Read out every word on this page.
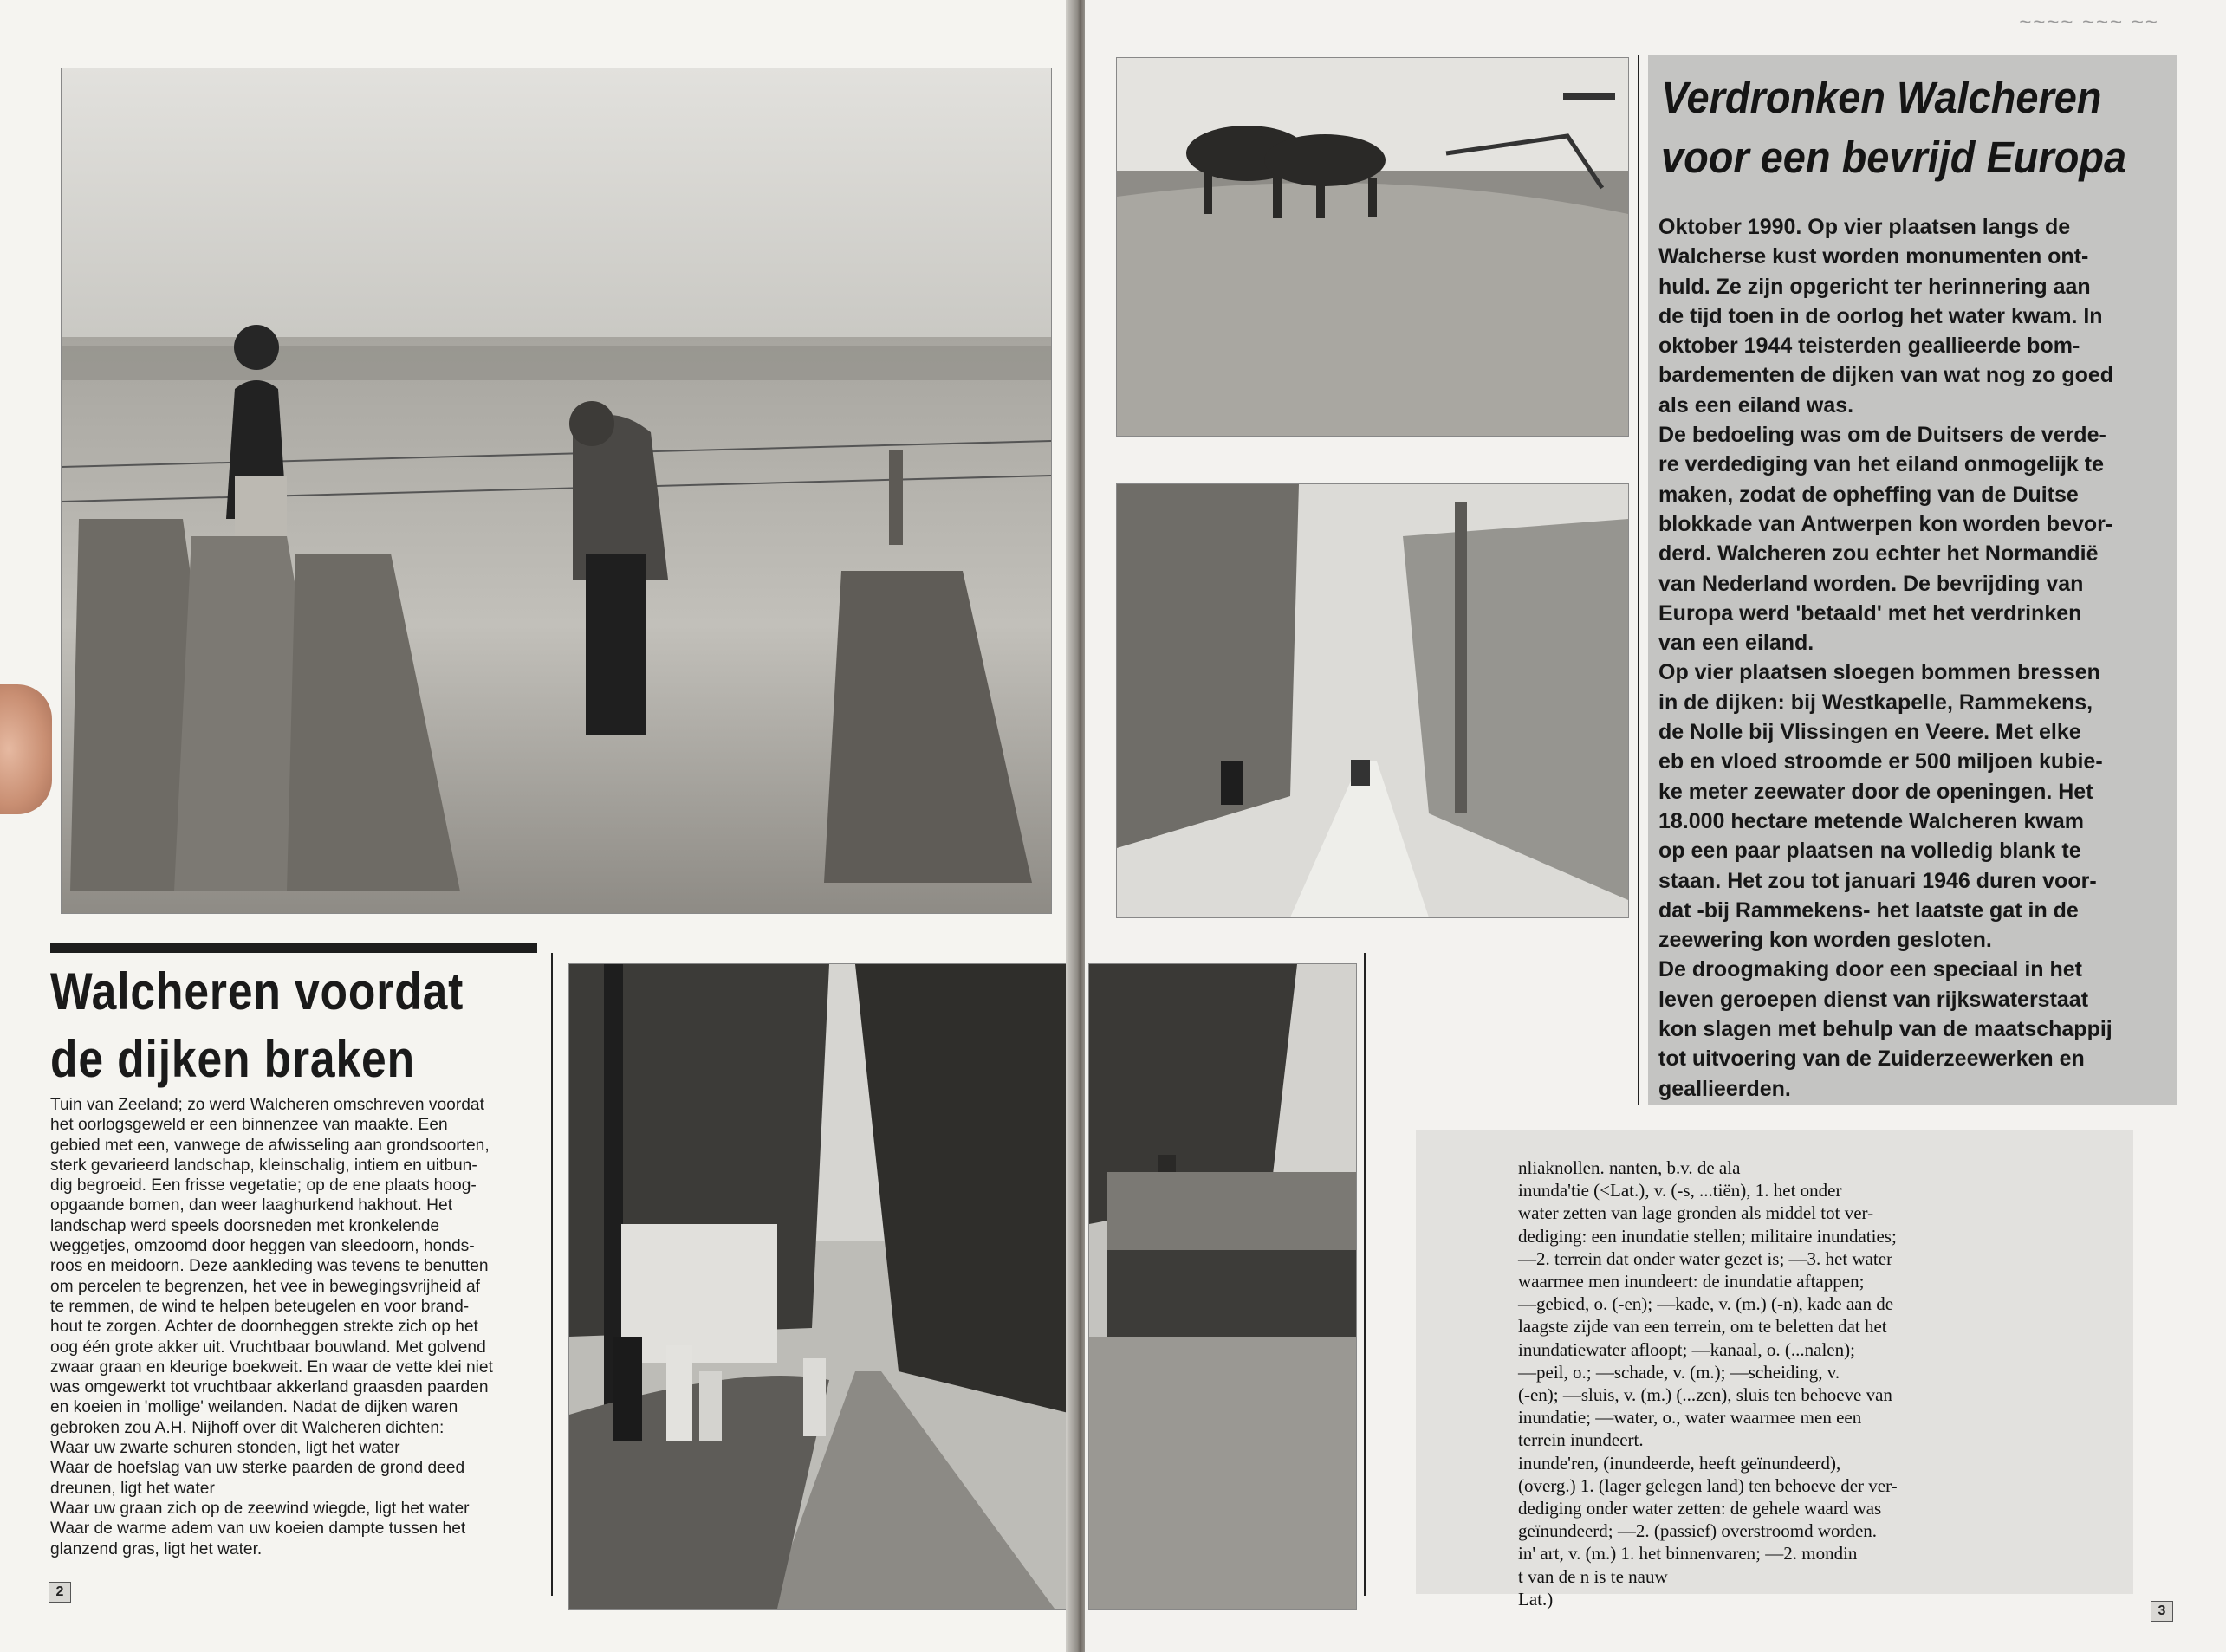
Walcheren voordat
de dijken braken

Tuin van Zeeland; zo werd Walcheren omschreven voordat
het oorlogsgeweld er een binnenzee van maakte. Een
gebied met een, vanwege de afwisseling aan grondsoorten,
sterk gevarieerd landschap, kleinschalig, intiem en uitbun-
dig begroeid. Een frisse vegetatie; op de ene plaats hoog-
opgaande bomen, dan weer laaghurkend hakhout. Het
landschap werd speels doorsneden met kronkelende
weggetjes, omzoomd door heggen van sleedoorn, honds-
roos en meidoorn. Deze aankleding was tevens te benutten
om percelen te begrenzen, het vee in bewegingsvrijheid af
te remmen, de wind te helpen beteugelen en voor brand-
hout te zorgen. Achter de doornheggen strekte zich op het
oog één grote akker uit. Vruchtbaar bouwland. Met golvend
zwaar graan en kleurige boekweit. En waar de vette klei niet
was omgewerkt tot vruchtbaar akkerland graasden paarden
en koeien in 'mollige' weilanden. Nadat de dijken waren
gebroken zou A.H. Nijhoff over dit Walcheren dichten:
Waar uw zwarte schuren stonden, ligt het water
Waar de hoefslag van uw sterke paarden de grond deed
dreunen, ligt het water
Waar uw graan zich op de zeewind wiegde, ligt het water
Waar de warme adem van uw koeien dampte tussen het
glanzend gras, ligt het water.

2
~~~~ ~~~ ~~
Verdronken Walcheren
voor een bevrijd Europa

Oktober 1990. Op vier plaatsen langs de
Walcherse kust worden monumenten ont-
huld. Ze zijn opgericht ter herinnering aan
de tijd toen in de oorlog het water kwam. In
oktober 1944 teisterden geallieerde bom-
bardementen de dijken van wat nog zo goed
als een eiland was.
De bedoeling was om de Duitsers de verde-
re verdediging van het eiland onmogelijk te
maken, zodat de opheffing van de Duitse
blokkade van Antwerpen kon worden bevor-
derd. Walcheren zou echter het Normandië
van Nederland worden. De bevrijding van
Europa werd 'betaald' met het verdrinken
van een eiland.
Op vier plaatsen sloegen bommen bressen
in de dijken: bij Westkapelle, Rammekens,
de Nolle bij Vlissingen en Veere. Met elke
eb en vloed stroomde er 500 miljoen kubie-
ke meter zeewater door de openingen. Het
18.000 hectare metende Walcheren kwam
op een paar plaatsen na volledig blank te
staan. Het zou tot januari 1946 duren voor-
dat -bij Rammekens- het laatste gat in de
zeewering kon worden gesloten.
De droogmaking door een speciaal in het
leven geroepen dienst van rijkswaterstaat
kon slagen met behulp van de maatschappij
tot uitvoering van de Zuiderzeewerken en
geallieerden.

nliaknollen. nanten, b.v. de ala
inunda'tie (<Lat.), v. (-s, ...tiën), 1. het onder
water zetten van lage gronden als middel tot ver-
dediging: een inundatie stellen; militaire inundaties;
—2. terrein dat onder water gezet is; —3. het water
waarmee men inundeert: de inundatie aftappen;
—gebied, o. (-en); —kade, v. (m.) (-n), kade aan de
laagste zijde van een terrein, om te beletten dat het
inundatiewater afloopt; —kanaal, o. (...nalen);
—peil, o.; —schade, v. (m.); —scheiding, v.
(-en); —sluis, v. (m.) (...zen), sluis ten behoeve van
inundatie; —water, o., water waarmee men een
terrein inundeert.
inunde'ren, (inundeerde, heeft geïnundeerd),
(overg.) 1. (lager gelegen land) ten behoeve der ver-
dediging onder water zetten: de gehele waard was
geïnundeerd; —2. (passief) overstroomd worden.
in' art, v. (m.) 1. het binnenvaren; —2. mondin
t van de n is te nauw
Lat.)

3
